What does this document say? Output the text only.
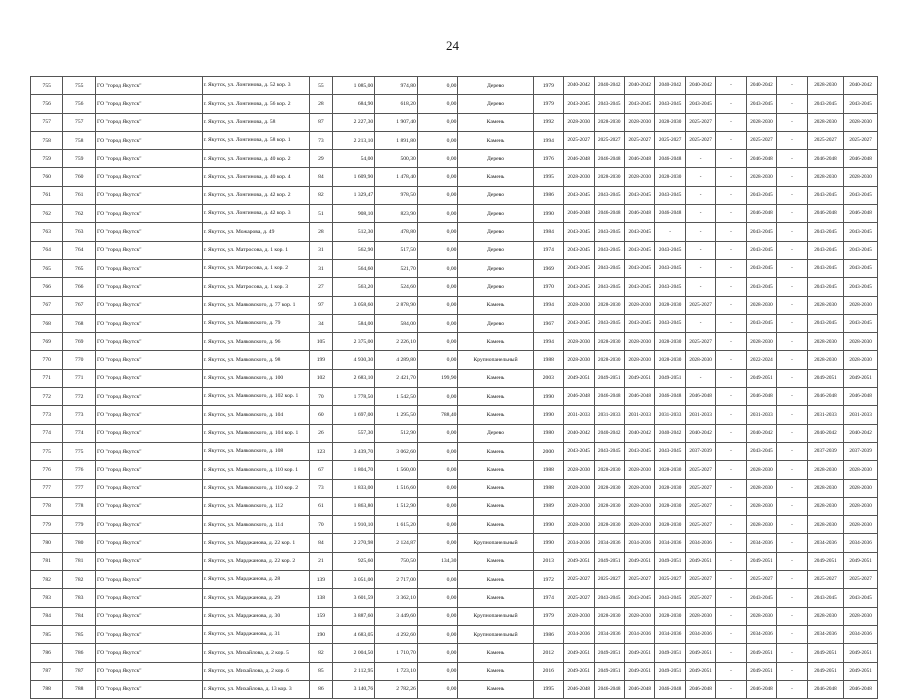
24
755	755	ГО "город Якутск"	г. Якутск, ул. Лонгинова, д. 52 кор. 3	55	1 085,00	974,80	0,00	Дерево	1979	2040-2042	2040-2042	2040-2042	2040-2042	2040-2042	-	2040-2042	-	2028-2030	2040-2042
756	756	ГО "город Якутск"	г. Якутск, ул. Лонгинова, д. 56 кор. 2	28	684,90	618,20	0,00	Дерево	1979	2043-2045	2043-2045	2043-2045	2043-2045	2043-2045	-	2043-2045	-	2043-2045	2043-2045
757	757	ГО "город Якутск"	г. Якутск, ул. Лонгинова, д. 58	87	2 227,30	1 907,40	0,00	Камень	1992	2028-2030	2028-2030	2028-2030	2028-2030	2025-2027	-	2028-2030	-	2028-2030	2028-2030
758	758	ГО "город Якутск"	г. Якутск, ул. Лонгинова, д. 58 кор. 1	73	2 213,10	1 891,80	0,00	Камень	1994	2025-2027	2025-2027	2025-2027	2025-2027	2025-2027	-	2025-2027	-	2025-2027	2025-2027
759	759	ГО "город Якутск"	г. Якутск, ул. Лонгинова, д. 40 кор. 2	29	54,00	500,30	0,00	Дерево	1976	2046-2048	2046-2048	2046-2048	2046-2048	-	-	2046-2048	-	2046-2048	2046-2048
760	760	ГО "город Якутск"	г. Якутск, ул. Лонгинова, д. 40 кор. 4	84	1 609,90	1 478,40	0,00	Камень	1995	2028-2030	2028-2030	2028-2030	2028-2030	-	-	2028-2030	-	2028-2030	2028-2030
761	761	ГО "город Якутск"	г. Якутск, ул. Лонгинова, д. 42 кор. 2	82	1 329,47	978,50	0,00	Дерево	1986	2043-2045	2043-2045	2043-2045	2043-2045	-	-	2043-2045	-	2043-2045	2043-2045
762	762	ГО "город Якутск"	г. Якутск, ул. Лонгинова, д. 42 кор. 3	51	908,10	823,90	0,00	Дерево	1990	2046-2048	2046-2048	2046-2048	2046-2048	-	-	2046-2048	-	2046-2048	2046-2048
763	763	ГО "город Якутск"	г. Якутск, ул. Можарова, д. 49	28	512,30	478,80	0,00	Дерево	1984	2043-2045	2043-2045	2043-2045	-	-	-	2043-2045	-	2043-2045	2043-2045
764	764	ГО "город Якутск"	г. Якутск, ул. Матросова, д. 1 кор. 1	31	562,90	517,50	0,00	Дерево	1974	2043-2045	2043-2045	2043-2045	2043-2045	-	-	2043-2045	-	2043-2045	2043-2045
765	765	ГО "город Якутск"	г. Якутск, ул. Матросова, д. 1 кор. 2	31	564,60	521,70	0,00	Дерево	1969	2043-2045	2043-2045	2043-2045	2043-2045	-	-	2043-2045	-	2043-2045	2043-2045
766	766	ГО "город Якутск"	г. Якутск, ул. Матросова, д. 1 кор. 3	27	563,20	524,60	0,00	Дерево	1970	2043-2045	2043-2045	2043-2045	2043-2045	-	-	2043-2045	-	2043-2045	2043-2045
767	767	ГО "город Якутск"	г. Якутск, ул. Маяковского, д. 77 кор. 1	97	3 058,60	2 878,90	0,00	Камень	1994	2028-2030	2028-2030	2028-2030	2028-2030	2025-2027	-	2028-2030	-	2028-2030	2028-2030
768	768	ГО "город Якутск"	г. Якутск, ул. Маяковского, д. 79	34	584,00	584,00	0,00	Дерево	1967	2043-2045	2043-2045	2043-2045	2043-2045	-	-	2043-2045	-	2043-2045	2043-2045
769	769	ГО "город Якутск"	г. Якутск, ул. Маяковского, д. 96	105	2 375,00	2 226,10	0,00	Камень	1994	2028-2030	2028-2030	2028-2030	2028-2030	2025-2027	-	2028-2030	-	2028-2030	2028-2030
770	770	ГО "город Якутск"	г. Якутск, ул. Маяковского, д. 98	199	4 930,30	4 289,80	0,00	Крупнопанельный	1988	2028-2030	2028-2030	2028-2030	2028-2030	2028-2030	-	2022-2024	-	2028-2030	2028-2030
771	771	ГО "город Якутск"	г. Якутск, ул. Маяковского, д. 100	102	2 683,10	2 421,70	199,90	Камень	2003	2049-2051	2049-2051	2049-2051	2049-2051	-	-	2049-2051	-	2049-2051	2049-2051
772	772	ГО "город Якутск"	г. Якутск, ул. Маяковского, д. 102 кор. 1	70	1 778,50	1 542,50	0,00	Камень	1990	2046-2048	2046-2048	2046-2048	2046-2048	2046-2048	-	2046-2048	-	2046-2048	2046-2048
773	773	ГО "город Якутск"	г. Якутск, ул. Маяковского, д. 104	60	1 697,00	1 295,50	788,40	Камень	1990	2031-2033	2031-2033	2031-2033	2031-2033	2031-2033	-	2031-2033	-	2031-2033	2031-2033
774	774	ГО "город Якутск"	г. Якутск, ул. Маяковского, д. 104 кор. 1	26	557,30	512,90	0,00	Дерево	1980	2040-2042	2040-2042	2040-2042	2040-2042	2040-2042	-	2040-2042	-	2040-2042	2040-2042
775	775	ГО "город Якутск"	г. Якутск, ул. Маяковского, д. 108	123	3 439,70	3 062,60	0,00	Камень	2000	2043-2045	2043-2045	2043-2045	2043-2045	2037-2039	-	2043-2045	-	2037-2039	2037-2039
776	776	ГО "город Якутск"	г. Якутск, ул. Маяковского, д. 110 кор. 1	67	1 804,70	1 560,00	0,00	Камень	1988	2028-2030	2028-2030	2028-2030	2028-2030	2025-2027	-	2028-2030	-	2028-2030	2028-2030
777	777	ГО "город Якутск"	г. Якутск, ул. Маяковского, д. 110 кор. 2	73	1 833,00	1 516,60	0,00	Камень	1988	2028-2030	2028-2030	2028-2030	2028-2030	2025-2027	-	2028-2030	-	2028-2030	2028-2030
778	778	ГО "город Якутск"	г. Якутск, ул. Маяковского, д. 112	61	1 863,80	1 512,90	0,00	Камень	1989	2028-2030	2028-2030	2028-2030	2028-2030	2025-2027	-	2028-2030	-	2028-2030	2028-2030
779	779	ГО "город Якутск"	г. Якутск, ул. Маяковского, д. 114	70	1 910,10	1 615,20	0,00	Камень	1990	2028-2030	2028-2030	2028-2030	2028-2030	2025-2027	-	2028-2030	-	2028-2030	2028-2030
780	780	ГО "город Якутск"	г. Якутск, ул. Марджанова, д. 22 кор. 1	84	2 270,98	2 124,87	0,00	Крупнопанельный	1990	2034-2036	2034-2036	2034-2036	2034-2036	2034-2036	-	2034-2036	-	2034-2036	2034-2036
781	781	ГО "город Якутск"	г. Якутск, ул. Марджанова, д. 22 кор. 2	21	925,60	750,50	134,30	Камень	2013	2049-2051	2049-2051	2049-2051	2049-2051	2049-2051	-	2049-2051	-	2049-2051	2049-2051
782	782	ГО "город Якутск"	г. Якутск, ул. Марджанова, д. 28	139	3 051,00	2 717,00	0,00	Камень	1972	2025-2027	2025-2027	2025-2027	2025-2027	2025-2027	-	2025-2027	-	2025-2027	2025-2027
783	783	ГО "город Якутск"	г. Якутск, ул. Марджанова, д. 29	138	3 601,59	3 362,10	0,00	Камень	1974	2025-2027	2043-2045	2043-2045	2043-2045	2025-2027	-	2043-2045	-	2043-2045	2043-2045
784	784	ГО "город Якутск"	г. Якутск, ул. Марджанова, д. 30	159	3 887,60	3 449,60	0,00	Крупнопанельный	1979	2028-2030	2028-2030	2028-2030	2028-2030	2028-2030	-	2028-2030	-	2028-2030	2028-2030
785	785	ГО "город Якутск"	г. Якутск, ул. Марджанова, д. 31	190	4 683,05	4 292,60	0,00	Крупнопанельный	1986	2034-2036	2034-2036	2034-2036	2034-2036	2034-2036	-	2034-2036	-	2034-2036	2034-2036
786	786	ГО "город Якутск"	г. Якутск, ул. Михайлова, д. 2 кор. 5	82	2 004,50	1 710,70	0,00	Камень	2012	2049-2051	2049-2051	2049-2051	2049-2051	2049-2051	-	2049-2051	-	2049-2051	2049-2051
787	787	ГО "город Якутск"	г. Якутск, ул. Михайлова, д. 2 кор. 6	85	2 112,95	1 723,10	0,00	Камень	2016	2049-2051	2049-2051	2049-2051	2049-2051	2049-2051	-	2049-2051	-	2049-2051	2049-2051
788	788	ГО "город Якутск"	г. Якутск, ул. Михайлова, д. 13 кор. 3	86	3 140,76	2 782,26	0,00	Камень	1995	2046-2048	2046-2048	2046-2048	2046-2048	2046-2048	-	2046-2048	-	2046-2048	2046-2048
